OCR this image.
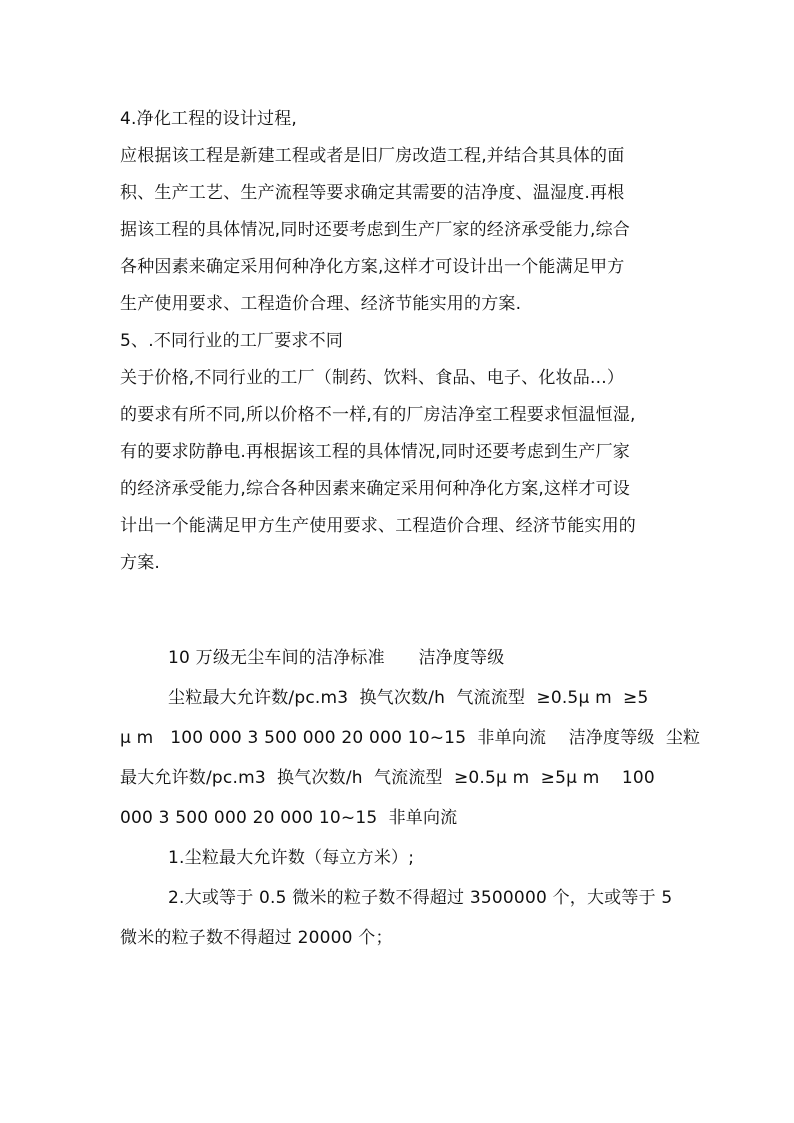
4.净化工程的设计过程,
应根据该工程是新建工程或者是旧厂房改造工程,并结合其具体的面
积、生产工艺、生产流程等要求确定其需要的洁净度、温湿度.再根
据该工程的具体情况,同时还要考虑到生产厂家的经济承受能力,综合
各种因素来确定采用何种净化方案,这样才可设计出一个能满足甲方
生产使用要求、工程造价合理、经济节能实用的方案.
5、.不同行业的工厂要求不同
关于价格,不同行业的工厂（制药、饮料、食品、电子、化妆品...）
的要求有所不同,所以价格不一样,有的厂房洁净室工程要求恒温恒湿,
有的要求防静电.再根据该工程的具体情况,同时还要考虑到生产厂家
的经济承受能力,综合各种因素来确定采用何种净化方案,这样才可设
计出一个能满足甲方生产使用要求、工程造价合理、经济节能实用的
方案.
10 万级无尘车间的洁净标准      洁净度等级
尘粒最大允许数/pc.m3  换气次数/h  气流流型  ≥0.5μ m  ≥5
μ m   100 000 3 500 000 20 000 10~15  非单向流    洁净度等级  尘粒
最大允许数/pc.m3  换气次数/h  气流流型  ≥0.5μ m  ≥5μ m    100
000 3 500 000 20 000 10~15  非单向流
1.尘粒最大允许数（每立方米）;
2.大或等于 0.5 微米的粒子数不得超过 3500000 个，大或等于 5
微米的粒子数不得超过 20000 个；
